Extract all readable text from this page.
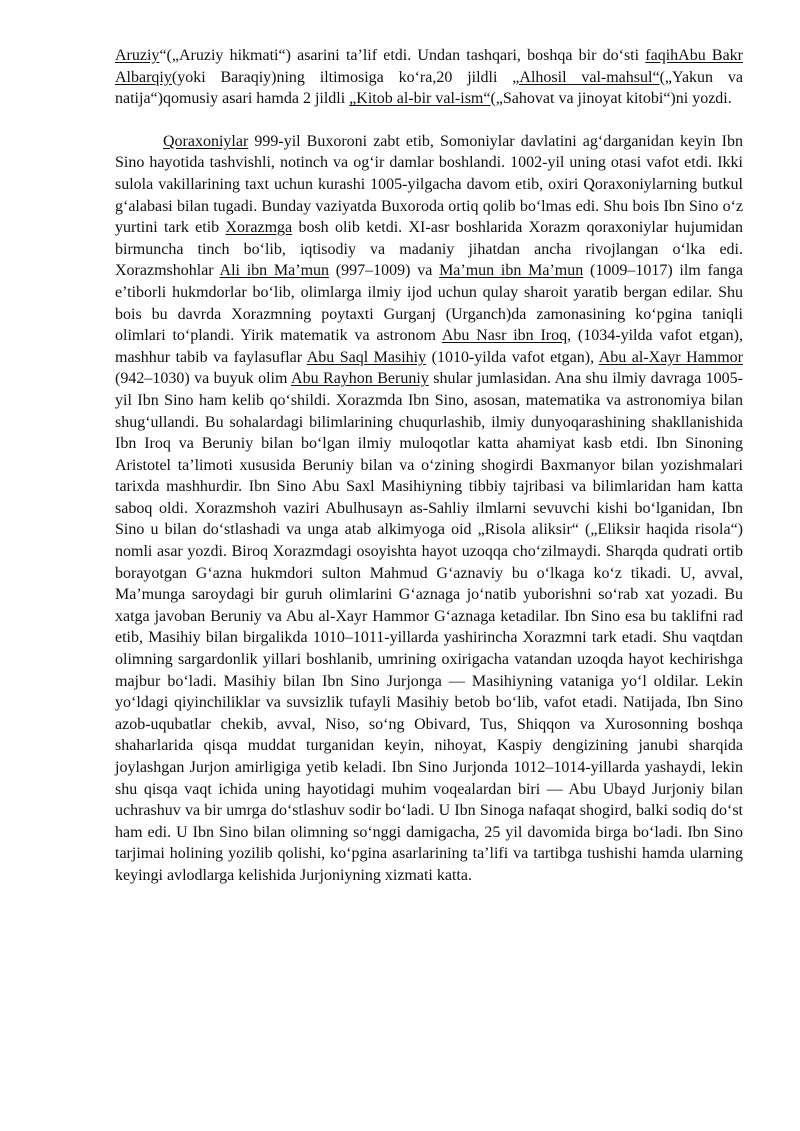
Aruziy“(„Aruziy hikmati“) asarini ta’lif etdi. Undan tashqari, boshqa bir do‘sti faqihAbu Bakr Albarqiy(yoki Baraqiy)ning iltimosiga ko‘ra,20 jildli „Alhosil val-mahsul“(„Yakun va natija“)qomusiy asari hamda 2 jildli „Kitob al-bir val-ism“(„Sahovat va jinoyat kitobi“)ni yozdi.

Qoraxoniylar 999-yil Buxoroni zabt etib, Somoniylar davlatini ag‘darganidan keyin Ibn Sino hayotida tashvishli, notinch va og‘ir damlar boshlandi. 1002-yil uning otasi vafot etdi. Ikki sulola vakillarining taxt uchun kurashi 1005-yilgacha davom etib, oxiri Qoraxoniylarning butkul g‘alabasi bilan tugadi. Bunday vaziyatda Buxoroda ortiq qolib bo‘lmas edi. Shu bois Ibn Sino o‘z yurtini tark etib Xorazmga bosh olib ketdi. XI-asr boshlarida Xorazm qoraxoniylar hujumidan birmuncha tinch bo‘lib, iqtisodiy va madaniy jihatdan ancha rivojlangan o‘lka edi. Xorazmshohlar Ali ibn Ma’mun (997–1009) va Ma’mun ibn Ma’mun (1009–1017) ilm fanga e’tiborli hukmdorlar bo‘lib, olimlarga ilmiy ijod uchun qulay sharoit yaratib bergan edilar. Shu bois bu davrda Xorazmning poytaxti Gurganj (Urganch)da zamonasining ko‘pgina taniqli olimlari to‘plandi. Yirik matematik va astronom Abu Nasr ibn Iroq, (1034-yilda vafot etgan), mashhur tabib va faylasuflar Abu Saql Masihiy (1010-yilda vafot etgan), Abu al-Xayr Hammor (942–1030) va buyuk olim Abu Rayhon Beruniy shular jumlasidan. Ana shu ilmiy davraga 1005-yil Ibn Sino ham kelib qo‘shildi. Xorazmda Ibn Sino, asosan, matematika va astronomiya bilan shug‘ullandi. Bu sohalardagi bilimlarining chuqurlashib, ilmiy dunyoqarashining shakllanishida Ibn Iroq va Beruniy bilan bo‘lgan ilmiy muloqotlar katta ahamiyat kasb etdi. Ibn Sinoning Aristotel ta’limoti xususida Beruniy bilan va o‘zining shogirdi Baxmanyor bilan yozishmalari tarixda mashhurdir. Ibn Sino Abu Saxl Masihiyning tibbiy tajribasi va bilimlaridan ham katta saboq oldi. Xorazmshoh vaziri Abulhusayn as-Sahliy ilmlarni sevuvchi kishi bo‘lganidan, Ibn Sino u bilan do‘stlashadi va unga atab alkimyoga oid „Risola aliksir“ („Eliksir haqida risola“) nomli asar yozdi. Biroq Xorazmdagi osoyishta hayot uzoqqa cho‘zilmaydi. Sharqda qudrati ortib borayotgan G‘azna hukmdori sulton Mahmud G‘aznaviy bu o‘lkaga ko‘z tikadi. U, avval, Ma’munga saroydagi bir guruh olimlarini G‘aznaga jo‘natib yuborishni so‘rab xat yozadi. Bu xatga javoban Beruniy va Abu al-Xayr Hammor G‘aznaga ketadilar. Ibn Sino esa bu taklifni rad etib, Masihiy bilan birgalikda 1010–1011-yillarda yashirincha Xorazmni tark etadi. Shu vaqtdan olimning sargardonlik yillari boshlanib, umrining oxirigacha vatandan uzoqda hayot kechirishga majbur bo‘ladi. Masihiy bilan Ibn Sino Jurjonga — Masihiyning vataniga yo‘l oldilar. Lekin yo‘ldagi qiyinchiliklar va suvsizlik tufayli Masihiy betob bo‘lib, vafot etadi. Natijada, Ibn Sino azob-uqubatlar chekib, avval, Niso, so‘ng Obivard, Tus, Shiqqon va Xurosonning boshqa shaharlarida qisqa muddat turganidan keyin, nihoyat, Kaspiy dengizining janubi sharqida joylashgan Jurjon amirligiga yetib keladi. Ibn Sino Jurjonda 1012–1014-yillarda yashaydi, lekin shu qisqa vaqt ichida uning hayotidagi muhim voqealardan biri — Abu Ubayd Jurjoniy bilan uchrashuv va bir umrga do‘stlashuv sodir bo‘ladi. U Ibn Sinoga nafaqat shogird, balki sodiq do‘st ham edi. U Ibn Sino bilan olimning so‘nggi damigacha, 25 yil davomida birga bo‘ladi. Ibn Sino tarjimai holining yozilib qolishi, ko‘pgina asarlarining ta’lifi va tartibga tushishi hamda ularning keyingi avlodlarga kelishida Jurjoniyning xizmati katta.
